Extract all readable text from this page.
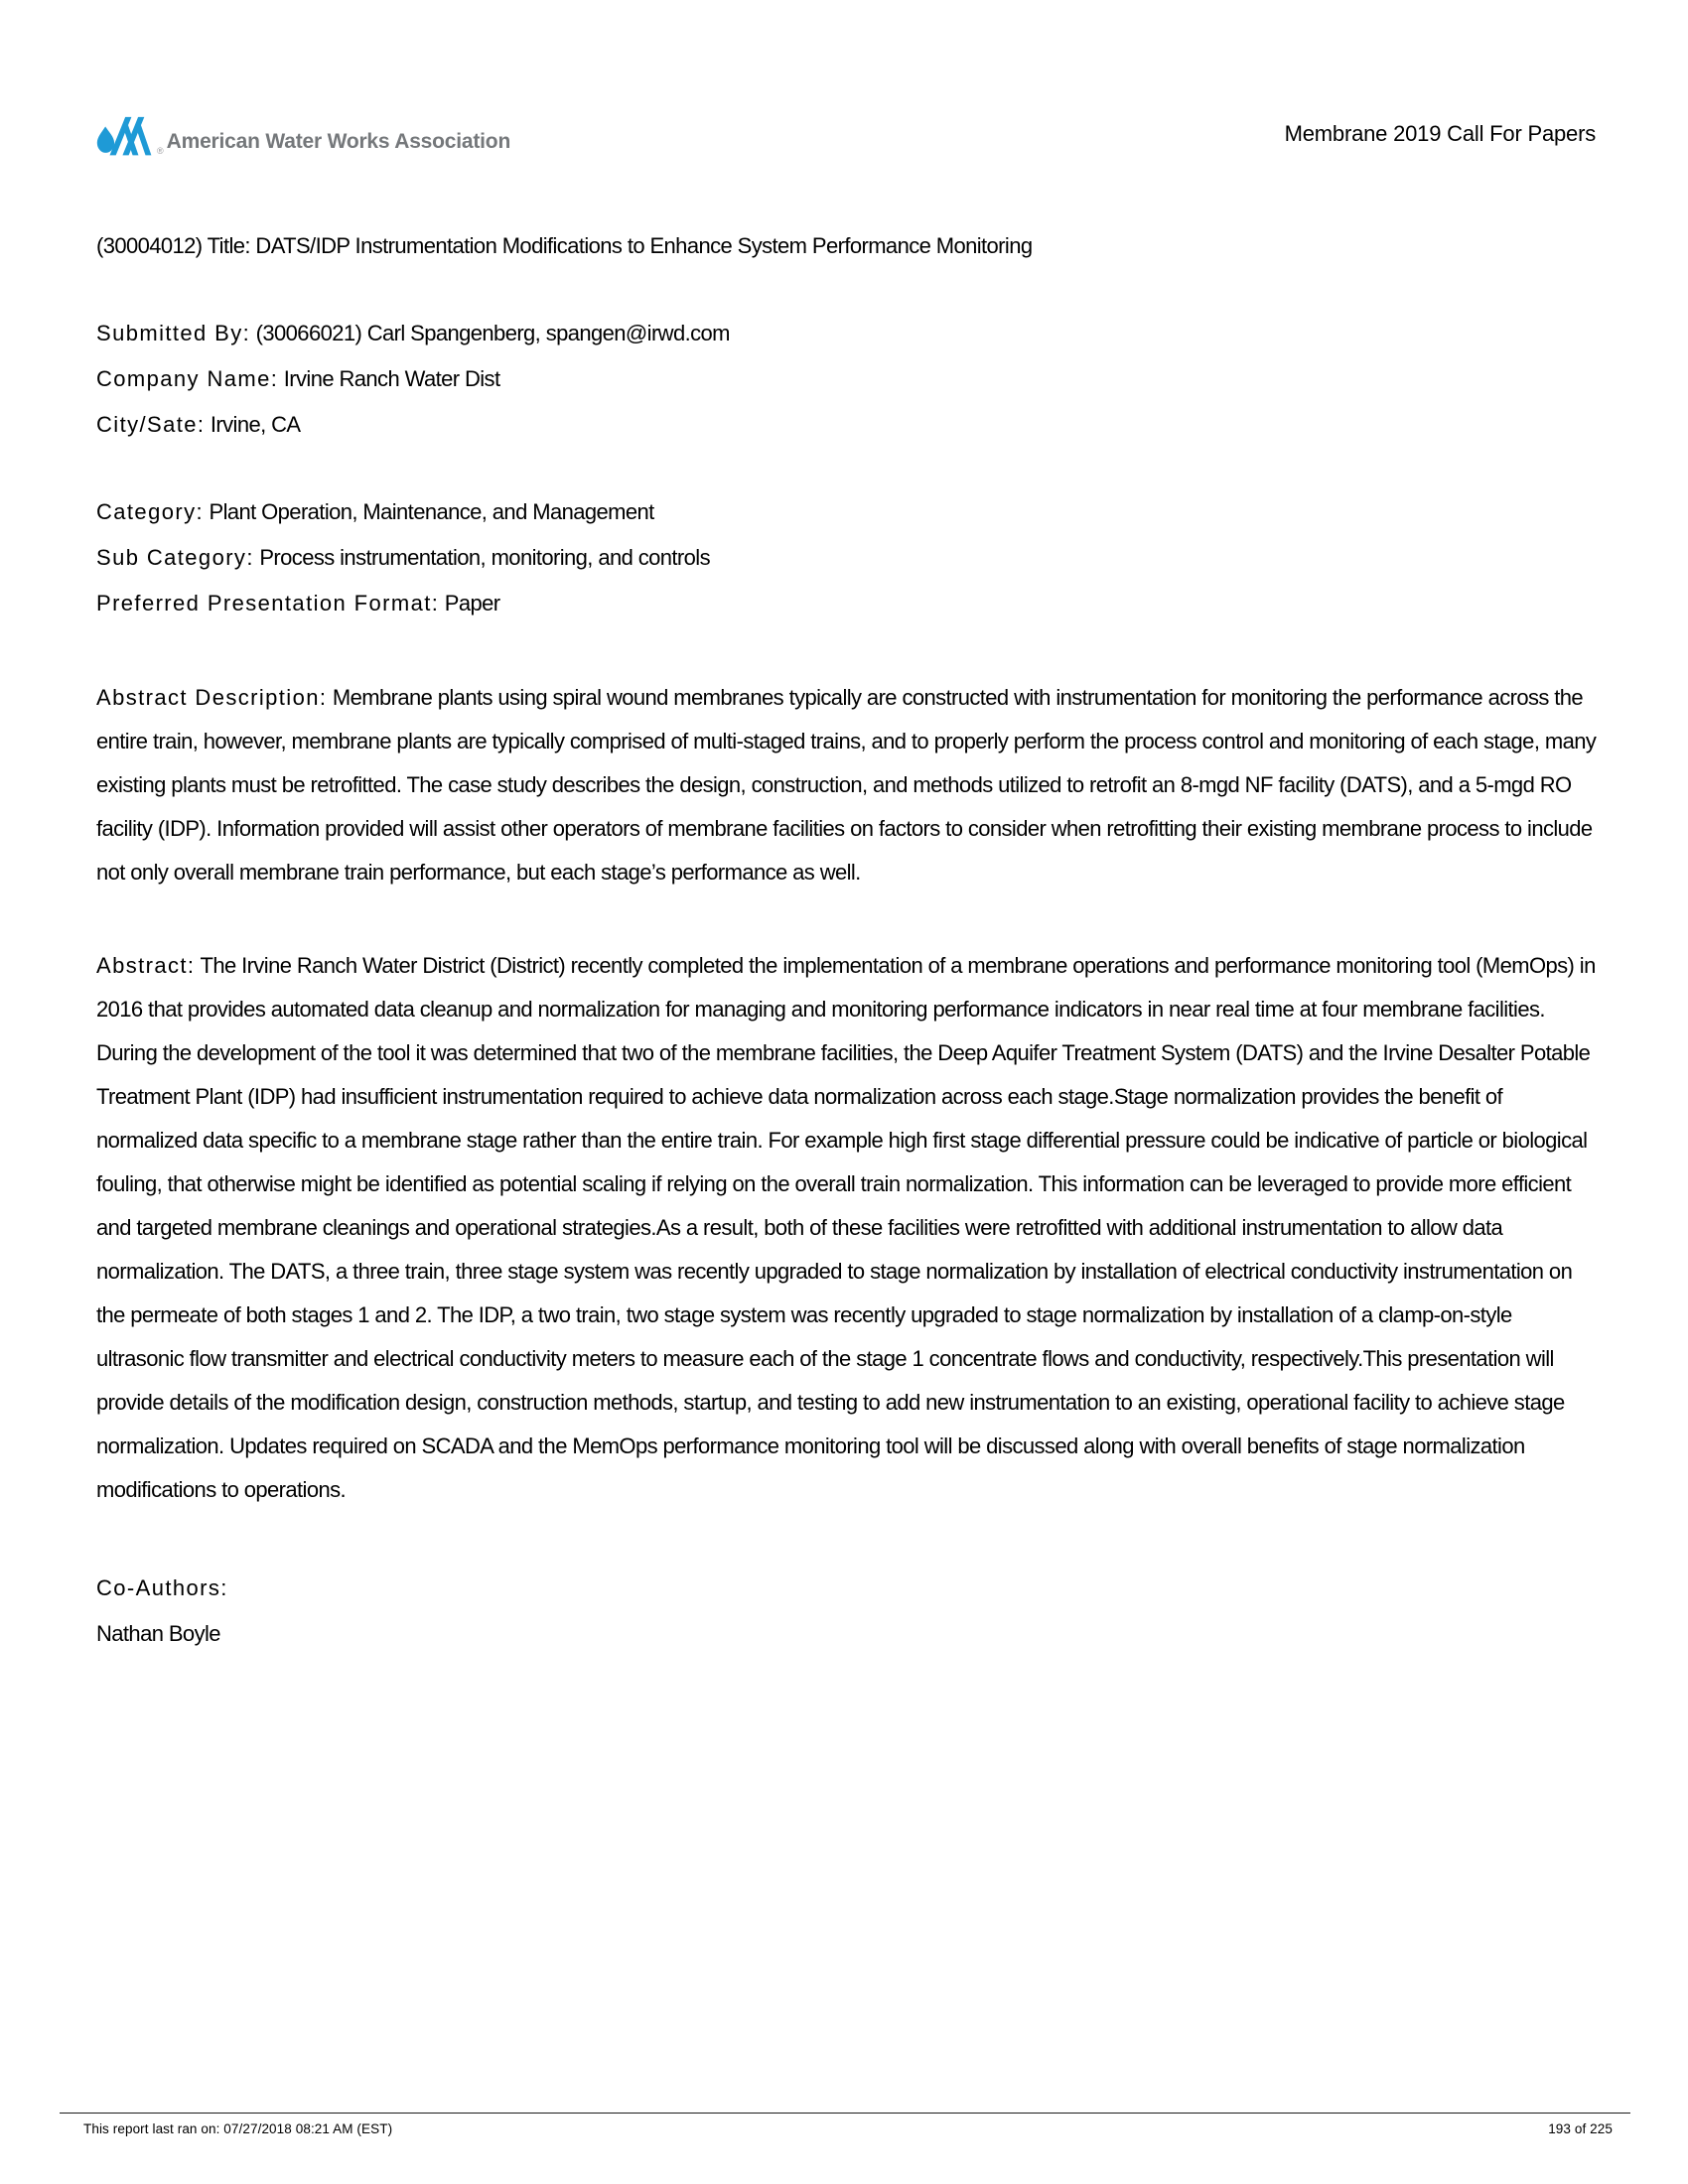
® American Water Works Association	Membrane 2019 Call For Papers

(30004012) Title: DATS/IDP Instrumentation Modifications to Enhance System Performance Monitoring

Submitted By: (30066021) Carl Spangenberg, spangen@irwd.com

Company Name: Irvine Ranch Water Dist

City/Sate: Irvine, CA

Category: Plant Operation, Maintenance, and Management

Sub Category: Process instrumentation, monitoring, and controls

Preferred Presentation Format: Paper

Abstract Description: Membrane plants using spiral wound membranes typically are constructed with instrumentation for monitoring the performance across the entire train, however, membrane plants are typically comprised of multi-staged trains, and to properly perform the process control and monitoring of each stage, many existing plants must be retrofitted. The case study describes the design, construction, and methods utilized to retrofit an 8-mgd NF facility (DATS), and a 5-mgd RO facility (IDP). Information provided will assist other operators of membrane facilities on factors to consider when retrofitting their existing membrane process to include not only overall membrane train performance, but each stage’s performance as well.

Abstract: The Irvine Ranch Water District (District) recently completed the implementation of a membrane operations and performance monitoring tool (MemOps) in 2016 that provides automated data cleanup and normalization for managing and monitoring performance indicators in near real time at four membrane facilities. During the development of the tool it was determined that two of the membrane facilities, the Deep Aquifer Treatment System (DATS) and the Irvine Desalter Potable Treatment Plant (IDP) had insufficient instrumentation required to achieve data normalization across each stage.Stage normalization provides the benefit of normalized data specific to a membrane stage rather than the entire train. For example high first stage differential pressure could be indicative of particle or biological fouling, that otherwise might be identified as potential scaling if relying on the overall train normalization. This information can be leveraged to provide more efficient and targeted membrane cleanings and operational strategies.As a result, both of these facilities were retrofitted with additional instrumentation to allow data normalization. The DATS, a three train, three stage system was recently upgraded to stage normalization by installation of electrical conductivity instrumentation on the permeate of both stages 1 and 2. The IDP, a two train, two stage system was recently upgraded to stage normalization by installation of a clamp-on-style ultrasonic flow transmitter and electrical conductivity meters to measure each of the stage 1 concentrate flows and conductivity, respectively.This presentation will provide details of the modification design, construction methods, startup, and testing to add new instrumentation to an existing, operational facility to achieve stage normalization. Updates required on SCADA and the MemOps performance monitoring tool will be discussed along with overall benefits of stage normalization modifications to operations.

Co-Authors:

Nathan Boyle

This report last ran on: 07/27/2018 08:21 AM (EST)	193 of 225
